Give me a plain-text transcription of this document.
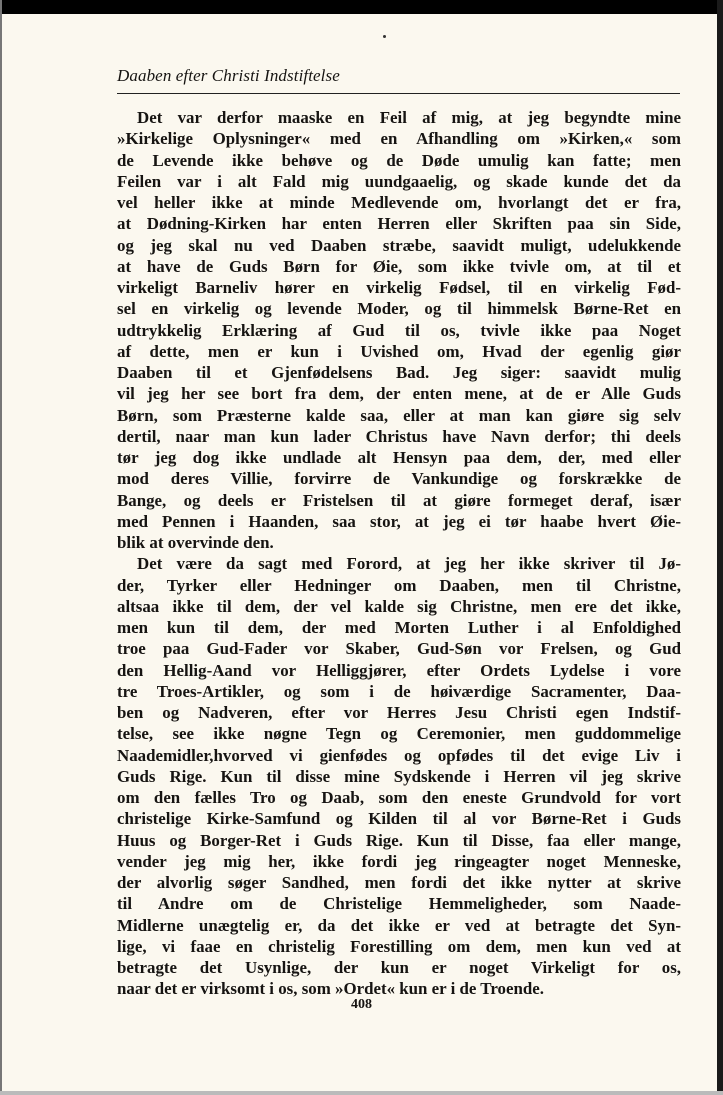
Daaben efter Christi Indstiftelse
Det var derfor maaske en Feil af mig, at jeg begyndte mine
»Kirkelige Oplysninger« med en Afhandling om »Kirken,« som
de Levende ikke behøve og de Døde umulig kan fatte; men
Feilen var i alt Fald mig uundgaaelig, og skade kunde det da
vel heller ikke at minde Medlevende om, hvorlangt det er fra,
at Dødning-Kirken har enten Herren eller Skriften paa sin Side,
og jeg skal nu ved Daaben stræbe, saavidt muligt, udelukkende
at have de Guds Børn for Øie, som ikke tvivle om, at til et
virkeligt Barneliv hører en virkelig Fødsel, til en virkelig Fød-
sel en virkelig og levende Moder, og til himmelsk Børne-Ret en
udtrykkelig Erklæring af Gud til os, tvivle ikke paa Noget
af dette, men er kun i Uvished om, Hvad der egenlig giør
Daaben til et Gjenfødelsens Bad. Jeg siger: saavidt mulig
vil jeg her see bort fra dem, der enten mene, at de er Alle Guds
Børn, som Præsterne kalde saa, eller at man kan giøre sig selv
dertil, naar man kun lader Christus have Navn derfor; thi deels
tør jeg dog ikke undlade alt Hensyn paa dem, der, med eller
mod deres Villie, forvirre de Vankundige og forskrække de
Bange, og deels er Fristelsen til at giøre formeget deraf, især
med Pennen i Haanden, saa stor, at jeg ei tør haabe hvert Øie-
blik at overvinde den.
Det være da sagt med Forord, at jeg her ikke skriver til Jø-
der, Tyrker eller Hedninger om Daaben, men til Christne,
altsaa ikke til dem, der vel kalde sig Christne, men ere det ikke,
men kun til dem, der med Morten Luther i al Enfoldighed
troe paa Gud-Fader vor Skaber, Gud-Søn vor Frelsen, og Gud
den Hellig-Aand vor Helliggjører, efter Ordets Lydelse i vore
tre Troes-Artikler, og som i de høiværdige Sacramenter, Daa-
ben og Nadveren, efter vor Herres Jesu Christi egen Indstif-
telse, see ikke nøgne Tegn og Ceremonier, men guddommelige
Naademidler,hvorved vi gienfødes og opfødes til det evige Liv i
Guds Rige. Kun til disse mine Sydskende i Herren vil jeg skrive
om den fælles Tro og Daab, som den eneste Grundvold for vort
christelige Kirke-Samfund og Kilden til al vor Børne-Ret i Guds
Huus og Borger-Ret i Guds Rige. Kun til Disse, faa eller mange,
vender jeg mig her, ikke fordi jeg ringeagter noget Menneske,
der alvorlig søger Sandhed, men fordi det ikke nytter at skrive
til Andre om de Christelige Hemmeligheder, som Naade-
Midlerne unægtelig er, da det ikke er ved at betragte det Syn-
lige, vi faae en christelig Forestilling om dem, men kun ved at
betragte det Usynlige, der kun er noget Virkeligt for os,
naar det er virksomt i os, som »Ordet« kun er i de Troende.
408
